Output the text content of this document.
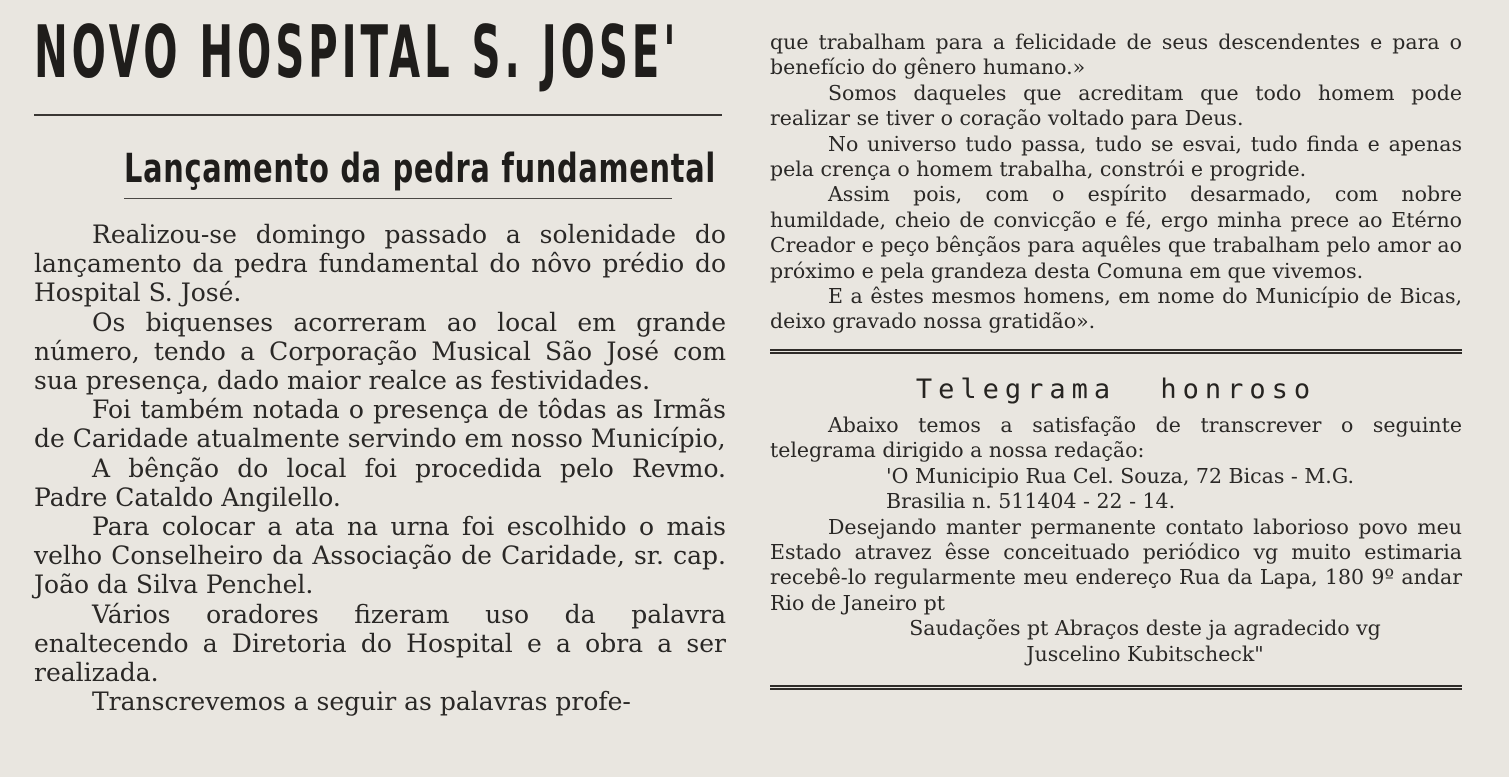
NOVO HOSPITAL S. JOSE'
Lançamento da pedra fundamental

Realizou-se domingo passado a solenidade do lançamento da pedra fundamental do nôvo prédio do Hospital S. José.

Os biquenses acorreram ao local em grande número, tendo a Corporação Musical São José com sua presença, dado maior realce as festividades.

Foi também notada o presença de tôdas as Irmãs de Caridade atualmente servindo em nosso Município,

A bênção do local foi procedida pelo Revmo. Padre Cataldo Angilello.

Para colocar a ata na urna foi escolhido o mais velho Conselheiro da Associação de Caridade, sr. cap. João da Silva Penchel.

Vários oradores fizeram uso da palavra enaltecendo a Diretoria do Hospital e a obra a ser realizada.

Transcrevemos a seguir as palavras profe-

que trabalham para a felicidade de seus descendentes e para o benefício do gênero humano.»

Somos daqueles que acreditam que todo homem pode realizar se tiver o coração voltado para Deus.

No universo tudo passa, tudo se esvai, tudo finda e apenas pela crença o homem trabalha, constrói e progride.

Assim pois, com o espírito desarmado, com nobre humildade, cheio de convicção e fé, ergo minha prece ao Etérno Creador e peço bênçãos para aquêles que trabalham pelo amor ao próximo e pela grandeza desta Comuna em que vivemos.

E a êstes mesmos homens, em nome do Município de Bicas, deixo gravado nossa gratidão».

Telegrama honroso

Abaixo temos a satisfação de transcrever o seguinte telegrama dirigido a nossa redação:

'O Municipio Rua Cel. Souza, 72 Bicas - M.G.

Brasilia n. 511404 - 22 - 14.

Desejando manter permanente contato laborioso povo meu Estado atravez êsse conceituado periódico vg muito estimaria recebê-lo regularmente meu endereço Rua da Lapa, 180 9º andar Rio de Janeiro pt

Saudações pt Abraços deste ja agradecido vg

Juscelino Kubitscheck"
